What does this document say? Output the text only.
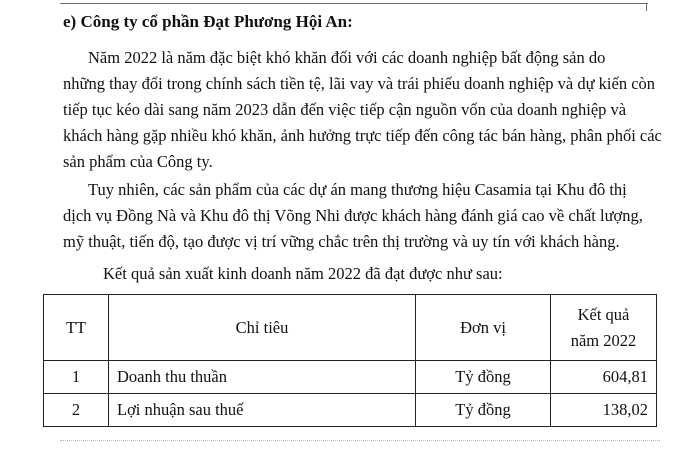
e) Công ty cổ phần Đạt Phương Hội An:

Năm 2022 là năm đặc biệt khó khăn đối với các doanh nghiệp bất động sản do
những thay đổi trong chính sách tiền tệ, lãi vay và trái phiếu doanh nghiệp và dự kiến còn
tiếp tục kéo dài sang năm 2023 dẫn đến việc tiếp cận nguồn vốn của doanh nghiệp và
khách hàng gặp nhiều khó khăn, ảnh hưởng trực tiếp đến công tác bán hàng, phân phối các
sản phẩm của Công ty.

Tuy nhiên, các sản phẩm của các dự án mang thương hiệu Casamia tại Khu đô thị
dịch vụ Đồng Nà và Khu đô thị Võng Nhi được khách hàng đánh giá cao về chất lượng,
mỹ thuật, tiến độ, tạo được vị trí vững chắc trên thị trường và uy tín với khách hàng.

Kết quả sản xuất kinh doanh năm 2022 đã đạt được như sau:
TT	Chỉ tiêu	Đơn vị	Kết quả
năm 2022

1	Doanh thu thuần	Tỷ đồng	604,81
2	Lợi nhuận sau thuế	Tỷ đồng	138,02
